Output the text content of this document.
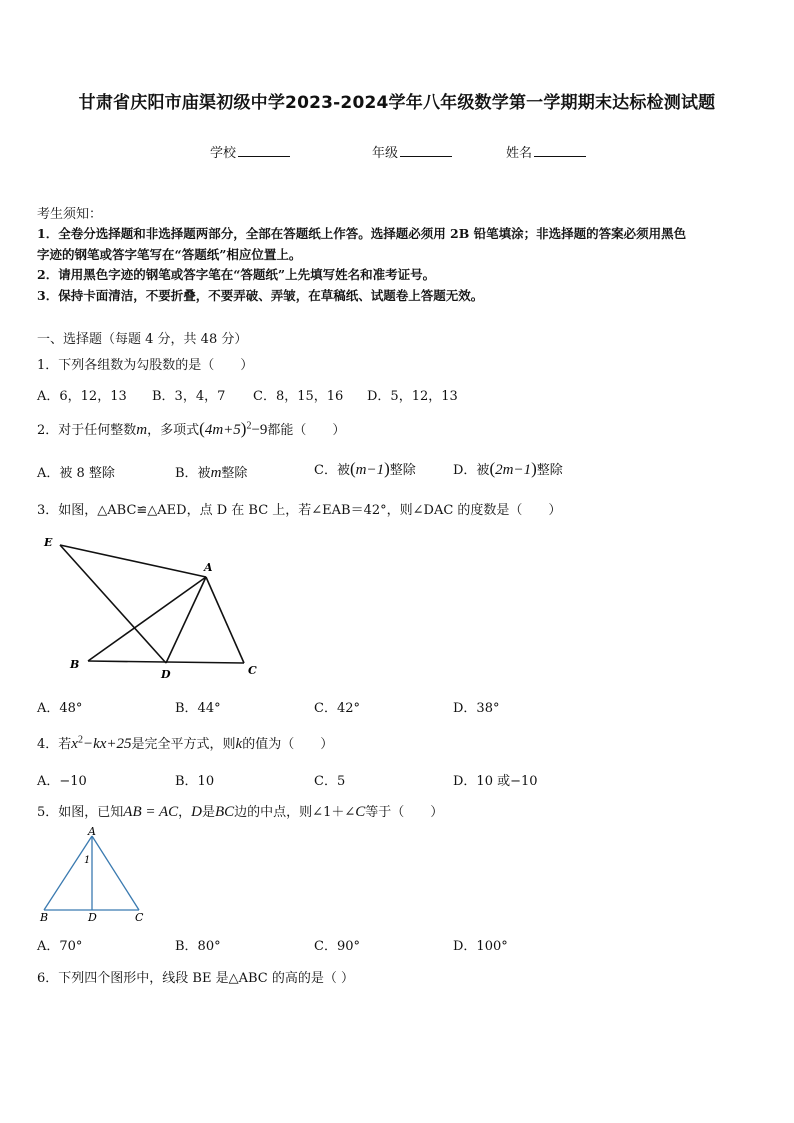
甘肃省庆阳市庙渠初级中学2023-2024学年八年级数学第一学期期末达标检测试题
学校	年级	姓名
考生须知：
1．全卷分选择题和非选择题两部分，全部在答题纸上作答。选择题必须用 2B 铅笔填涂；非选择题的答案必须用黑色
字迹的钢笔或答字笔写在“答题纸”相应位置上。
2．请用黑色字迹的钢笔或答字笔在“答题纸”上先填写姓名和准考证号。
3．保持卡面清洁，不要折叠，不要弄破、弄皱，在草稿纸、试题卷上答题无效。
一、选择题（每题 4 分，共 48 分）
1．下列各组数为勾股数的是（　　）
A．6，12，13 B．3，4，7 C．8，15，16 D．5，12，13
2．对于任何整数m，多项式$(4m+5)^2-9$都能（　　）
A．被 8 整除	B．被m整除	C．被(m−1)整除	D．被(2m−1)整除
3．如图，△ABC≌△AED，点 D 在 BC 上，若∠EAB＝42°，则∠DAC 的度数是（　　）
E
A
B
D	C
A．48°	B．44°	C．42°	D．38°
4．若$x^2-kx+25$是完全平方式，则k的值为（　　）
A．−10	B．10	C．5	D．10 或−10
5．如图，已知AB = AC，D是BC边的中点，则∠1＋∠C等于（　　）
A
1
B	D	C
A．70°	B．80°	C．90°	D．100°
6．下列四个图形中，线段 BE 是△ABC 的高的是（ ）
